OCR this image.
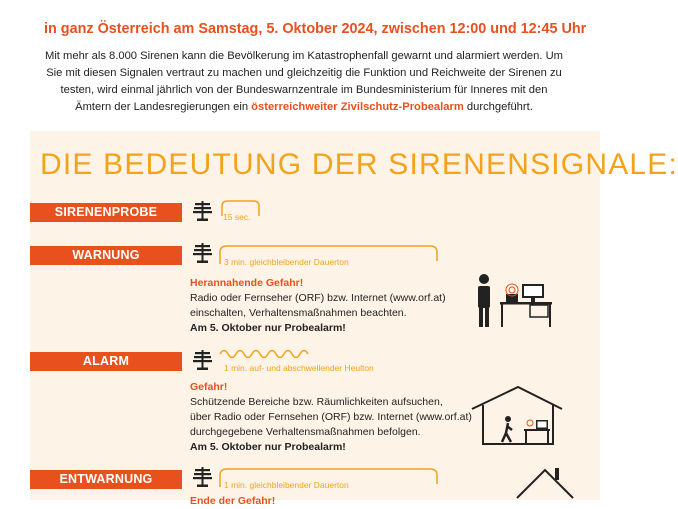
in ganz Österreich am Samstag, 5. Oktober 2024, zwischen 12:00 und 12:45 Uhr
Mit mehr als 8.000 Sirenen kann die Bevölkerung im Katastrophenfall gewarnt und alarmiert werden. Um Sie mit diesen Signalen vertraut zu machen und gleichzeitig die Funktion und Reichweite der Sirenen zu testen, wird einmal jährlich von der Bundeswarnzentrale im Bundesministerium für Inneres mit den Ämtern der Landesregierungen ein österreichweiter Zivilschutz-Probealarm durchgeführt.
DIE BEDEUTUNG DER SIRENENSIGNALE:
SIRENENPROBE	15 sec.
WARNUNG	3 min. gleichbleibender Dauerton
Herannahende Gefahr!
Radio oder Fernseher (ORF) bzw. Internet (www.orf.at)
einschalten, Verhaltensmaßnahmen beachten.
Am 5. Oktober nur Probealarm!
ALARM	1 min. auf- und abschwellender Heulton
Gefahr!
Schützende Bereiche bzw. Räumlichkeiten aufsuchen,
über Radio oder Fernsehen (ORF) bzw. Internet (www.orf.at)
durchgegebene Verhaltensmaßnahmen befolgen.
Am 5. Oktober nur Probealarm!
ENTWARNUNG	1 min. gleichbleibender Dauerton
Ende der Gefahr!
